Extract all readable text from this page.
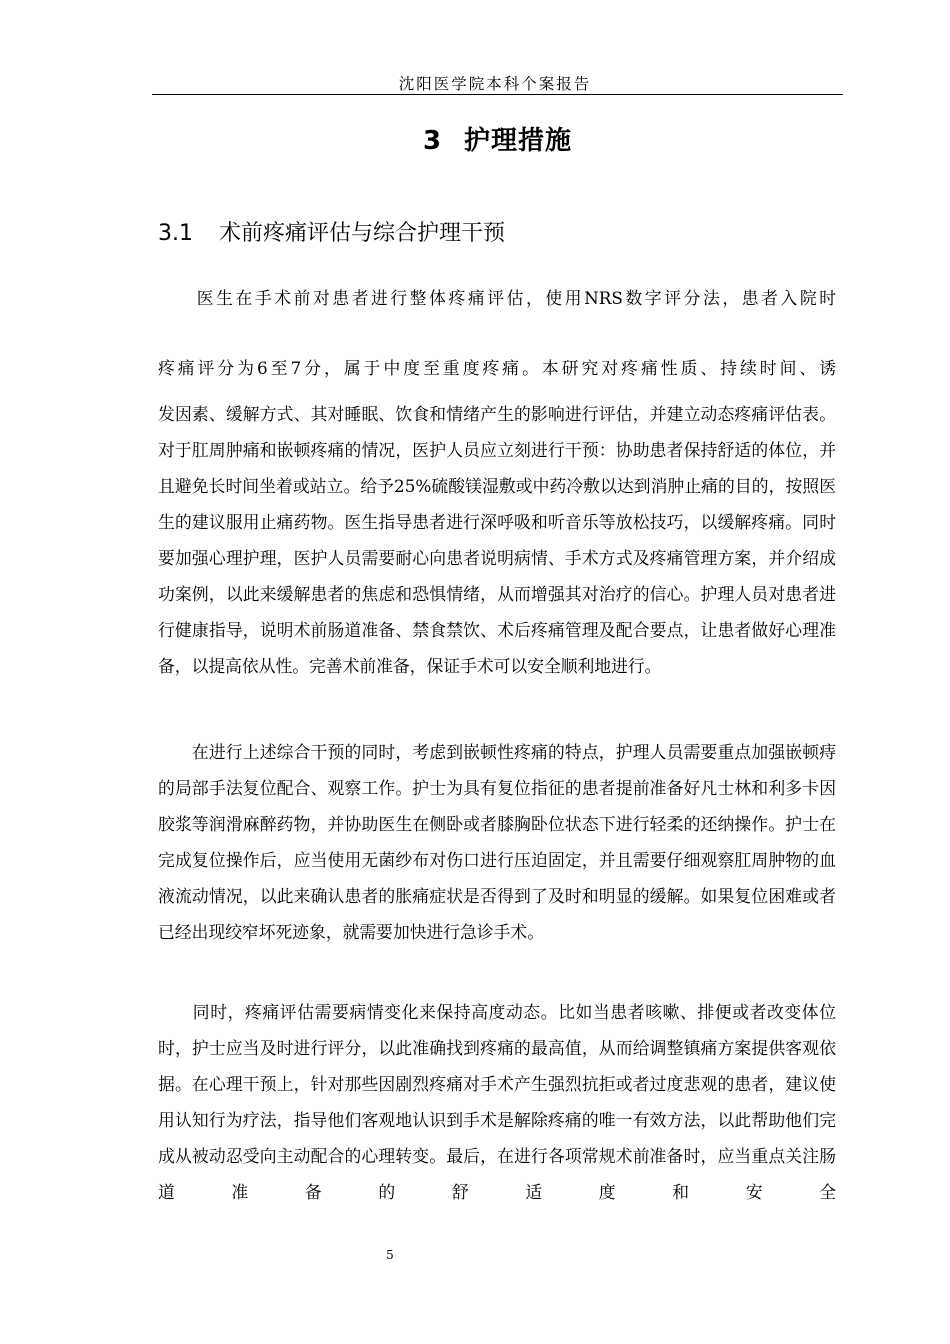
沈阳医学院本科个案报告
3 护理措施
3.1 术前疼痛评估与综合护理干预

　　医生在手术前对患者进行整体疼痛评估，使用NRS数字评分法，患者入院时

疼痛评分为6至7分，属于中度至重度疼痛。本研究对疼痛性质、持续时间、诱

发因素、缓解方式、其对睡眠、饮食和情绪产生的影响进行评估，并建立动态疼痛评估表。对于肛周肿痛和嵌顿疼痛的情况，医护人员应立刻进行干预：协助患者保持舒适的体位，并且避免长时间坐着或站立。给予25%硫酸镁湿敷或中药冷敷以达到消肿止痛的目的，按照医生的建议服用止痛药物。医生指导患者进行深呼吸和听音乐等放松技巧，以缓解疼痛。同时要加强心理护理，医护人员需要耐心向患者说明病情、手术方式及疼痛管理方案，并介绍成功案例，以此来缓解患者的焦虑和恐惧情绪，从而增强其对治疗的信心。护理人员对患者进行健康指导，说明术前肠道准备、禁食禁饮、术后疼痛管理及配合要点，让患者做好心理准备，以提高依从性。完善术前准备，保证手术可以安全顺利地进行。

　　在进行上述综合干预的同时，考虑到嵌顿性疼痛的特点，护理人员需要重点加强嵌顿痔的局部手法复位配合、观察工作。护士为具有复位指征的患者提前准备好凡士林和利多卡因胶浆等润滑麻醉药物，并协助医生在侧卧或者膝胸卧位状态下进行轻柔的还纳操作。护士在完成复位操作后，应当使用无菌纱布对伤口进行压迫固定，并且需要仔细观察肛周肿物的血液流动情况，以此来确认患者的胀痛症状是否得到了及时和明显的缓解。如果复位困难或者已经出现绞窄坏死迹象，就需要加快进行急诊手术。

　　同时，疼痛评估需要病情变化来保持高度动态。比如当患者咳嗽、排便或者改变体位时，护士应当及时进行评分，以此准确找到疼痛的最高值，从而给调整镇痛方案提供客观依据。在心理干预上，针对那些因剧烈疼痛对手术产生强烈抗拒或者过度悲观的患者，建议使用认知行为疗法，指导他们客观地认识到手术是解除疼痛的唯一有效方法，以此帮助他们完成从被动忍受向主动配合的心理转变。最后，在进行各项常规术前准备时，应当重点关注肠道准备的舒适度和安全

5
